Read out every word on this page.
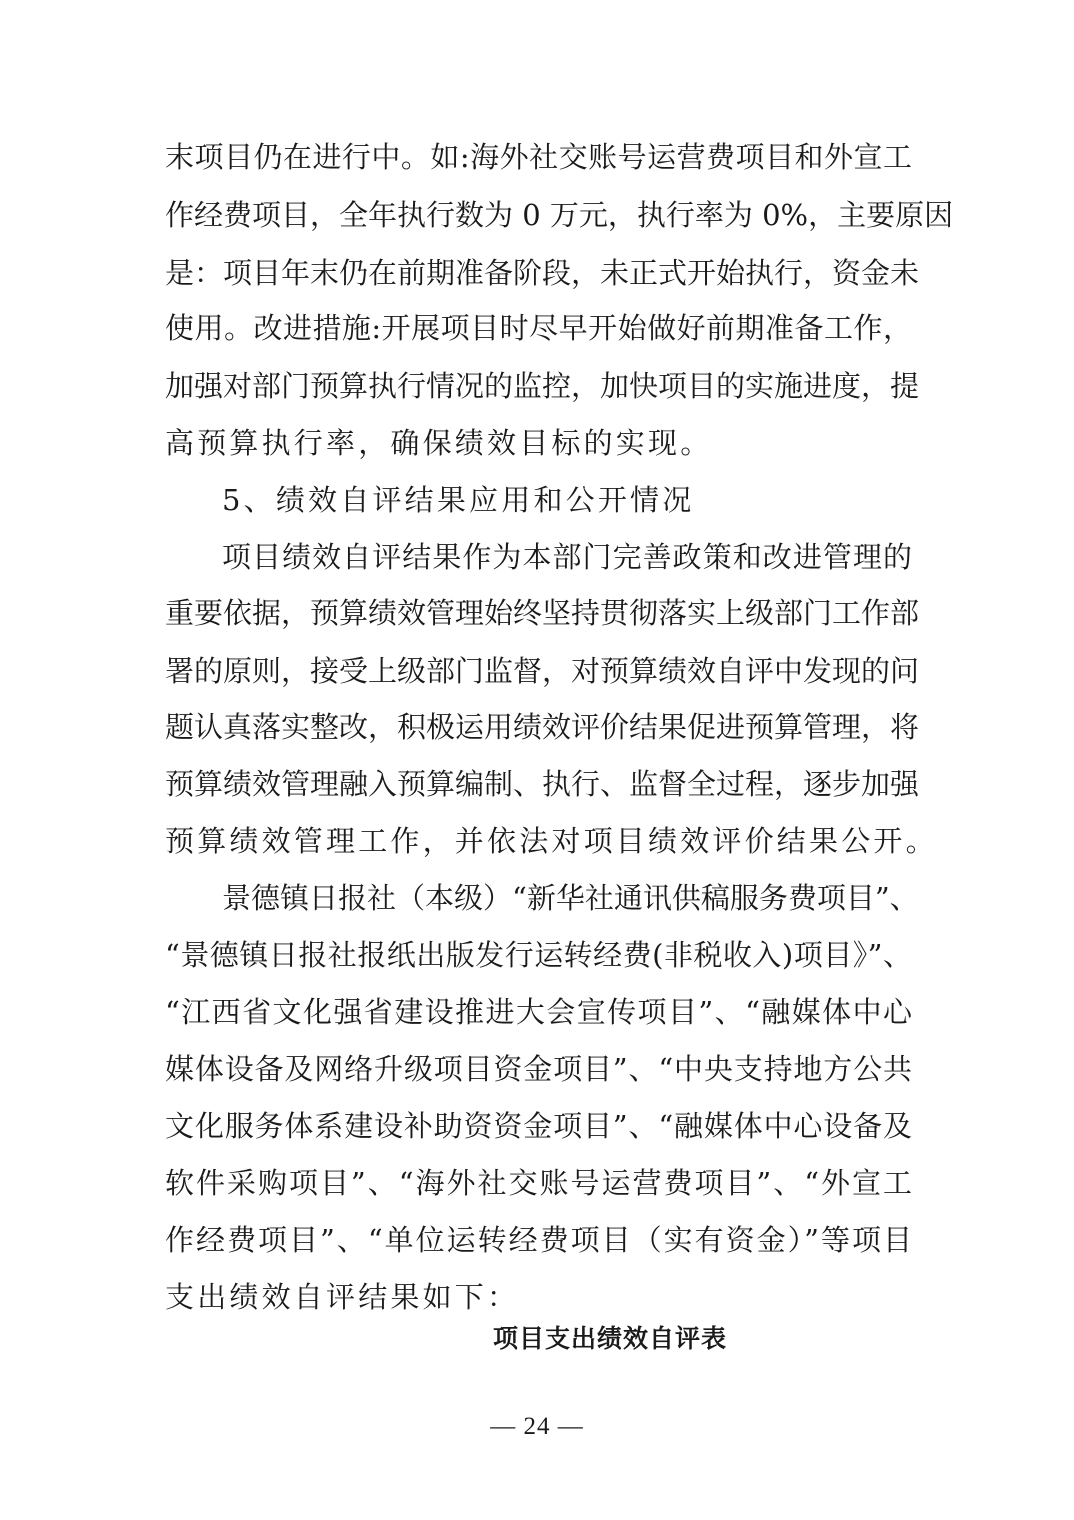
末项目仍在进行中。如:海外社交账号运营费项目和外宣工
作经费项目，全年执行数为 0 万元，执行率为 0%，主要原因
是：项目年末仍在前期准备阶段，未正式开始执行，资金未
使用。改进措施:开展项目时尽早开始做好前期准备工作，
加强对部门预算执行情况的监控，加快项目的实施进度，提
高预算执行率，确保绩效目标的实现。
5、绩效自评结果应用和公开情况
项目绩效自评结果作为本部门完善政策和改进管理的
重要依据，预算绩效管理始终坚持贯彻落实上级部门工作部
署的原则，接受上级部门监督，对预算绩效自评中发现的问
题认真落实整改，积极运用绩效评价结果促进预算管理，将
预算绩效管理融入预算编制、执行、监督全过程，逐步加强
预算绩效管理工作，并依法对项目绩效评价结果公开。
景德镇日报社（本级）“新华社通讯供稿服务费项目”、
“景德镇日报社报纸出版发行运转经费(非税收入)项目》”、
“江西省文化强省建设推进大会宣传项目”、“融媒体中心
媒体设备及网络升级项目资金项目”、“中央支持地方公共
文化服务体系建设补助资资金项目”、“融媒体中心设备及
软件采购项目”、“海外社交账号运营费项目”、“外宣工
作经费项目”、“单位运转经费项目（实有资金）”等项目
支出绩效自评结果如下：
项目支出绩效自评表
— 24 —
